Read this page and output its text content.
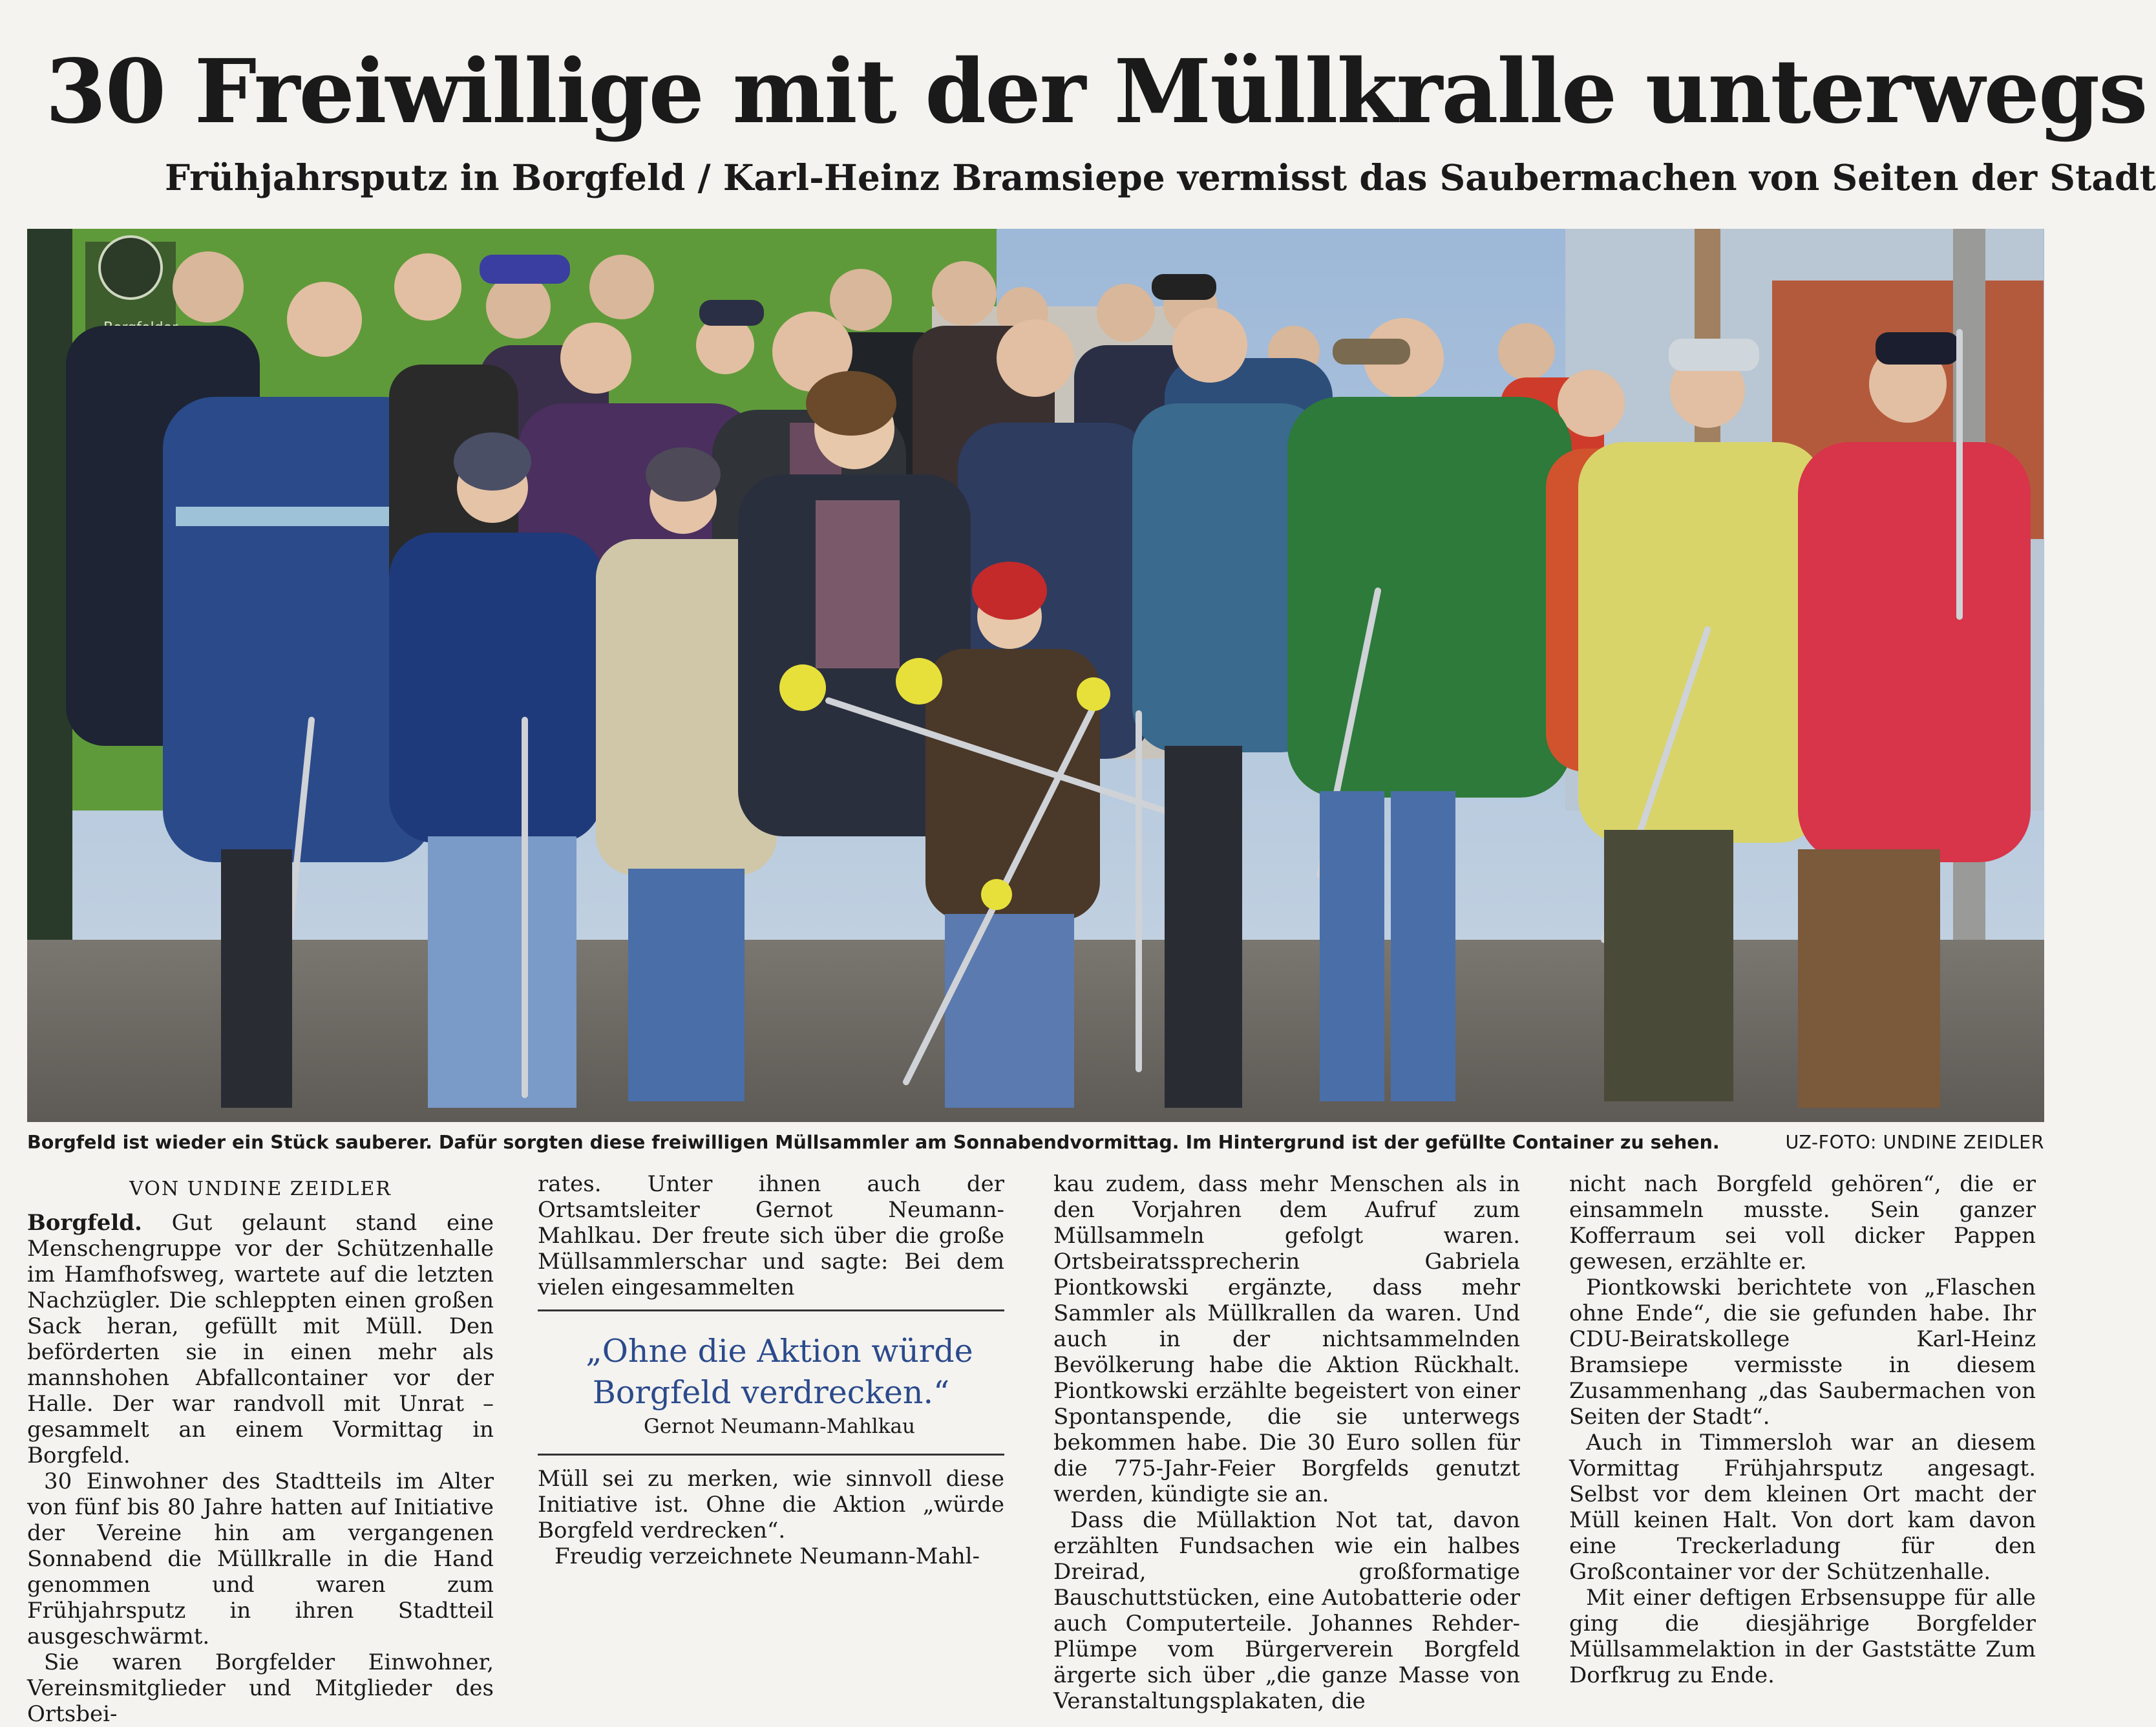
30 Freiwillige mit der Müllkralle unterwegs
Frühjahrsputz in Borgfeld / Karl-Heinz Bramsiepe vermisst das Saubermachen von Seiten der Stadt
Borgfeld ist wieder ein Stück sauberer. Dafür sorgten diese freiwilligen Müllsammler am Sonnabendvormittag. Im Hintergrund ist der gefüllte Container zu sehen.	UZ-FOTO: UNDINE ZEIDLER

VON UNDINE ZEIDLER

Borgfeld. Gut gelaunt stand eine Menschengruppe vor der Schützenhalle im Hamfhofsweg, wartete auf die letzten Nachzügler. Die schleppten einen großen Sack heran, gefüllt mit Müll. Den beförderten sie in einen mehr als mannshohen Abfallcontainer vor der Halle. Der war randvoll mit Unrat – gesammelt an einem Vormittag in Borgfeld.

30 Einwohner des Stadtteils im Alter von fünf bis 80 Jahre hatten auf Initiative der Vereine hin am vergangenen Sonnabend die Müllkralle in die Hand genommen und waren zum Frühjahrsputz in ihren Stadtteil ausgeschwärmt.

Sie waren Borgfelder Einwohner, Vereinsmitglieder und Mitglieder des Ortsbei-

rates. Unter ihnen auch der Ortsamtsleiter Gernot Neumann-Mahlkau. Der freute sich über die große Müllsammlerschar und sagte: Bei dem vielen eingesammelten

„Ohne die Aktion würde Borgfeld verdrecken.“

Gernot Neumann-Mahlkau

Müll sei zu merken, wie sinnvoll diese Initiative ist. Ohne die Aktion „würde Borgfeld verdrecken“.

Freudig verzeichnete Neumann-Mahl-

kau zudem, dass mehr Menschen als in den Vorjahren dem Aufruf zum Müllsammeln gefolgt waren. Ortsbeiratssprecherin Gabriela Piontkowski ergänzte, dass mehr Sammler als Müllkrallen da waren. Und auch in der nichtsammelnden Bevölkerung habe die Aktion Rückhalt. Piontkowski erzählte begeistert von einer Spontanspende, die sie unterwegs bekommen habe. Die 30 Euro sollen für die 775-Jahr-Feier Borgfelds genutzt werden, kündigte sie an.

Dass die Müllaktion Not tat, davon erzählten Fundsachen wie ein halbes Dreirad, großformatige Bauschuttstücken, eine Autobatterie oder auch Computerteile. Johannes Rehder-Plümpe vom Bürgerverein Borgfeld ärgerte sich über „die ganze Masse von Veranstaltungsplakaten, die

nicht nach Borgfeld gehören“, die er einsammeln musste. Sein ganzer Kofferraum sei voll dicker Pappen gewesen, erzählte er.

Piontkowski berichtete von „Flaschen ohne Ende“, die sie gefunden habe. Ihr CDU-Beiratskollege Karl-Heinz Bramsiepe vermisste in diesem Zusammenhang „das Saubermachen von Seiten der Stadt“.

Auch in Timmersloh war an diesem Vormittag Frühjahrsputz angesagt. Selbst vor dem kleinen Ort macht der Müll keinen Halt. Von dort kam davon eine Treckerladung für den Großcontainer vor der Schützenhalle.

Mit einer deftigen Erbsensuppe für alle ging die diesjährige Borgfelder Müllsammelaktion in der Gaststätte Zum Dorfkrug zu Ende.
